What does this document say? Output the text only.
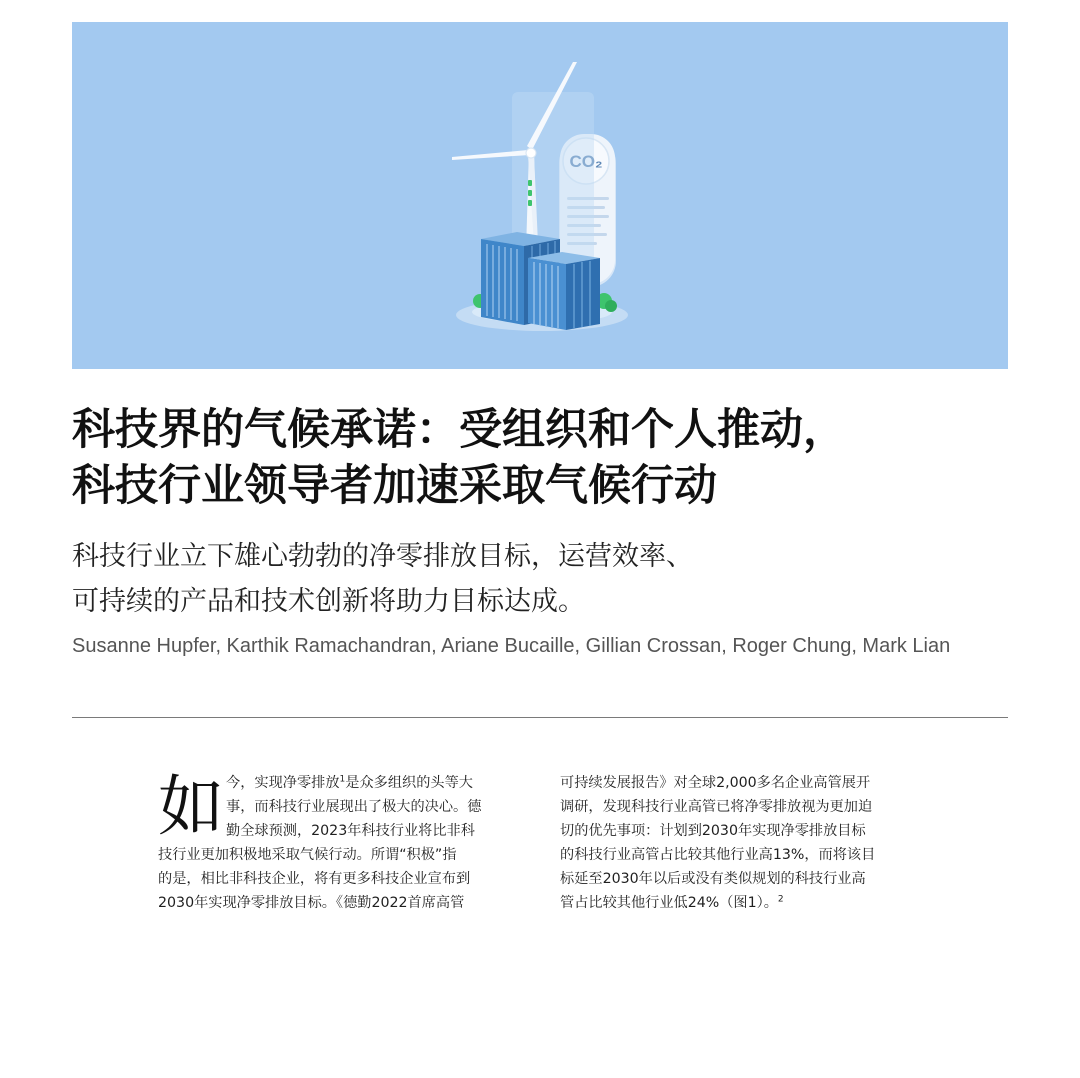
CO₂
科技界的气候承诺：受组织和个人推动，
科技行业领导者加速采取气候行动

科技行业立下雄心勃勃的净零排放目标，运营效率、
可持续的产品和技术创新将助力目标达成。

Susanne Hupfer, Karthik Ramachandran, Ariane Bucaille, Gillian Crossan, Roger Chung, Mark Lian
如 今，实现净零排放$^1$是众多组织的头等大
事，而科技行业展现出了极大的决心。德
勤全球预测，2023年科技行业将比非科
技行业更加积极地采取气候行动。所谓“积极”指
的是，相比非科技企业，将有更多科技企业宣布到
2030年实现净零排放目标。《德勤2022首席高管
可持续发展报告》对全球2,000多名企业高管展开
调研，发现科技行业高管已将净零排放视为更加迫
切的优先事项：计划到2030年实现净零排放目标
的科技行业高管占比较其他行业高13%，而将该目
标延至2030年以后或没有类似规划的科技行业高
管占比较其他行业低24%（图1）。$^2$
